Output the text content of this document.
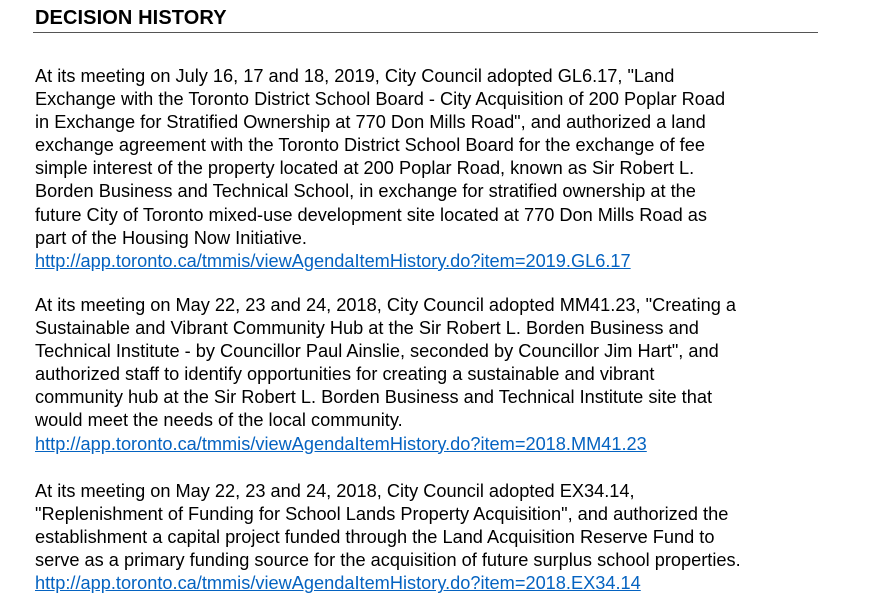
DECISION HISTORY
At its meeting on July 16, 17 and 18, 2019, City Council adopted GL6.17, "Land
Exchange with the Toronto District School Board - City Acquisition of 200 Poplar Road
in Exchange for Stratified Ownership at 770 Don Mills Road", and authorized a land
exchange agreement with the Toronto District School Board for the exchange of fee
simple interest of the property located at 200 Poplar Road, known as Sir Robert L.
Borden Business and Technical School, in exchange for stratified ownership at the
future City of Toronto mixed-use development site located at 770 Don Mills Road as
part of the Housing Now Initiative.
http://app.toronto.ca/tmmis/viewAgendaItemHistory.do?item=2019.GL6.17
At its meeting on May 22, 23 and 24, 2018, City Council adopted MM41.23, "Creating a
Sustainable and Vibrant Community Hub at the Sir Robert L. Borden Business and
Technical Institute - by Councillor Paul Ainslie, seconded by Councillor Jim Hart", and
authorized staff to identify opportunities for creating a sustainable and vibrant
community hub at the Sir Robert L. Borden Business and Technical Institute site that
would meet the needs of the local community.
http://app.toronto.ca/tmmis/viewAgendaItemHistory.do?item=2018.MM41.23
At its meeting on May 22, 23 and 24, 2018, City Council adopted EX34.14,
"Replenishment of Funding for School Lands Property Acquisition", and authorized the
establishment a capital project funded through the Land Acquisition Reserve Fund to
serve as a primary funding source for the acquisition of future surplus school properties.
http://app.toronto.ca/tmmis/viewAgendaItemHistory.do?item=2018.EX34.14
